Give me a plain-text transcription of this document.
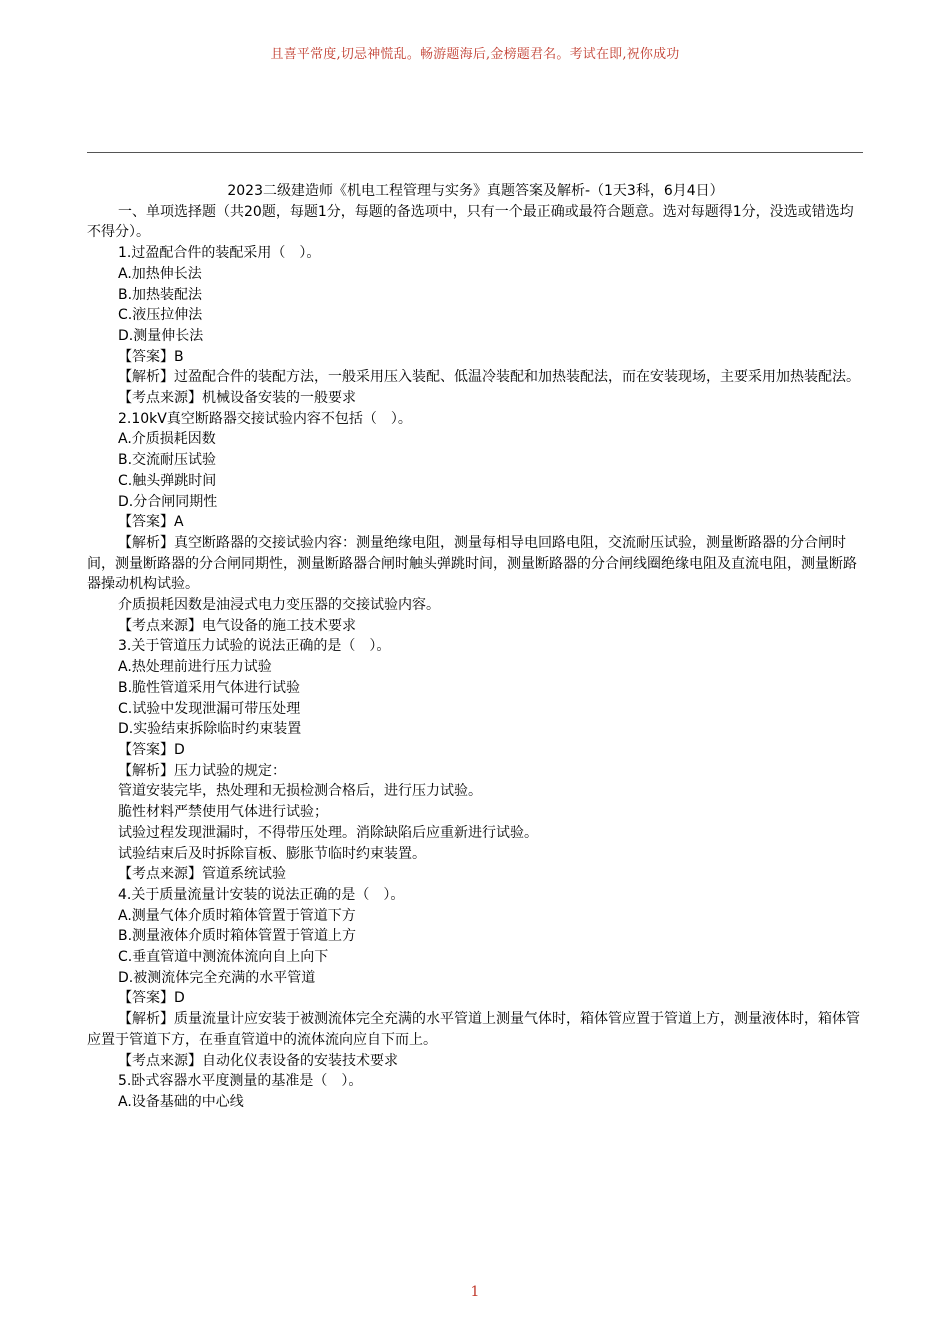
且喜平常度,切忌神慌乱。畅游题海后,金榜题君名。考试在即,祝你成功
2023二级建造师《机电工程管理与实务》真题答案及解析-（1天3科，6月4日）
一、单项选择题（共20题，每题1分，每题的备选项中，只有一个最正确或最符合题意。选对每题得1分，没选或错选均不得分）。
1.过盈配合件的装配采用（　）。
A.加热伸长法
B.加热装配法
C.液压拉伸法
D.测量伸长法
【答案】B
【解析】过盈配合件的装配方法，一般采用压入装配、低温冷装配和加热装配法，而在安装现场，主要采用加热装配法。
【考点来源】机械设备安装的一般要求
2.10kV真空断路器交接试验内容不包括（　）。
A.介质损耗因数
B.交流耐压试验
C.触头弹跳时间
D.分合闸同期性
【答案】A
【解析】真空断路器的交接试验内容：测量绝缘电阻，测量每相导电回路电阻，交流耐压试验，测量断路器的分合闸时间，测量断路器的分合闸同期性，测量断路器合闸时触头弹跳时间，测量断路器的分合闸线圈绝缘电阻及直流电阻，测量断路器操动机构试验。
介质损耗因数是油浸式电力变压器的交接试验内容。
【考点来源】电气设备的施工技术要求
3.关于管道压力试验的说法正确的是（　）。
A.热处理前进行压力试验
B.脆性管道采用气体进行试验
C.试验中发现泄漏可带压处理
D.实验结束拆除临时约束装置
【答案】D
【解析】压力试验的规定：
管道安装完毕，热处理和无损检测合格后，进行压力试验。
脆性材料严禁使用气体进行试验；
试验过程发现泄漏时，不得带压处理。消除缺陷后应重新进行试验。
试验结束后及时拆除盲板、膨胀节临时约束装置。
【考点来源】管道系统试验
4.关于质量流量计安装的说法正确的是（　）。
A.测量气体介质时箱体管置于管道下方
B.测量液体介质时箱体管置于管道上方
C.垂直管道中测流体流向自上向下
D.被测流体完全充满的水平管道
【答案】D
【解析】质量流量计应安装于被测流体完全充满的水平管道上测量气体时，箱体管应置于管道上方，测量液体时，箱体管应置于管道下方，在垂直管道中的流体流向应自下而上。
【考点来源】自动化仪表设备的安装技术要求
5.卧式容器水平度测量的基准是（　）。
A.设备基础的中心线
1
